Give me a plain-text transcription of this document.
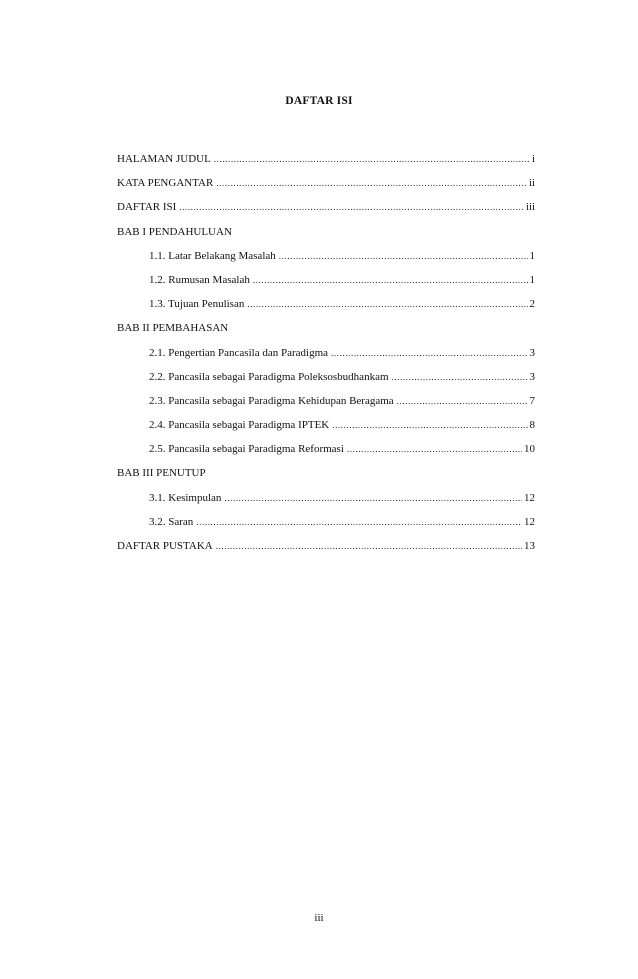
DAFTAR ISI
HALAMAN JUDUL .....	i
KATA PENGANTAR .....	ii
DAFTAR ISI .....	iii
BAB I PENDAHULUAN
1.1. Latar Belakang Masalah .....	1
1.2. Rumusan Masalah .....	1
1.3. Tujuan Penulisan .....	2
BAB II PEMBAHASAN
2.1. Pengertian Pancasila dan Paradigma .....	3
2.2. Pancasila sebagai Paradigma Poleksosbudhankam .....	3
2.3. Pancasila sebagai Paradigma Kehidupan Beragama .....	7
2.4. Pancasila sebagai Paradigma IPTEK .....	8
2.5. Pancasila sebagai Paradigma Reformasi .....	10
BAB III PENUTUP
3.1. Kesimpulan .....	12
3.2. Saran .....	12
DAFTAR PUSTAKA .....	13
iii
